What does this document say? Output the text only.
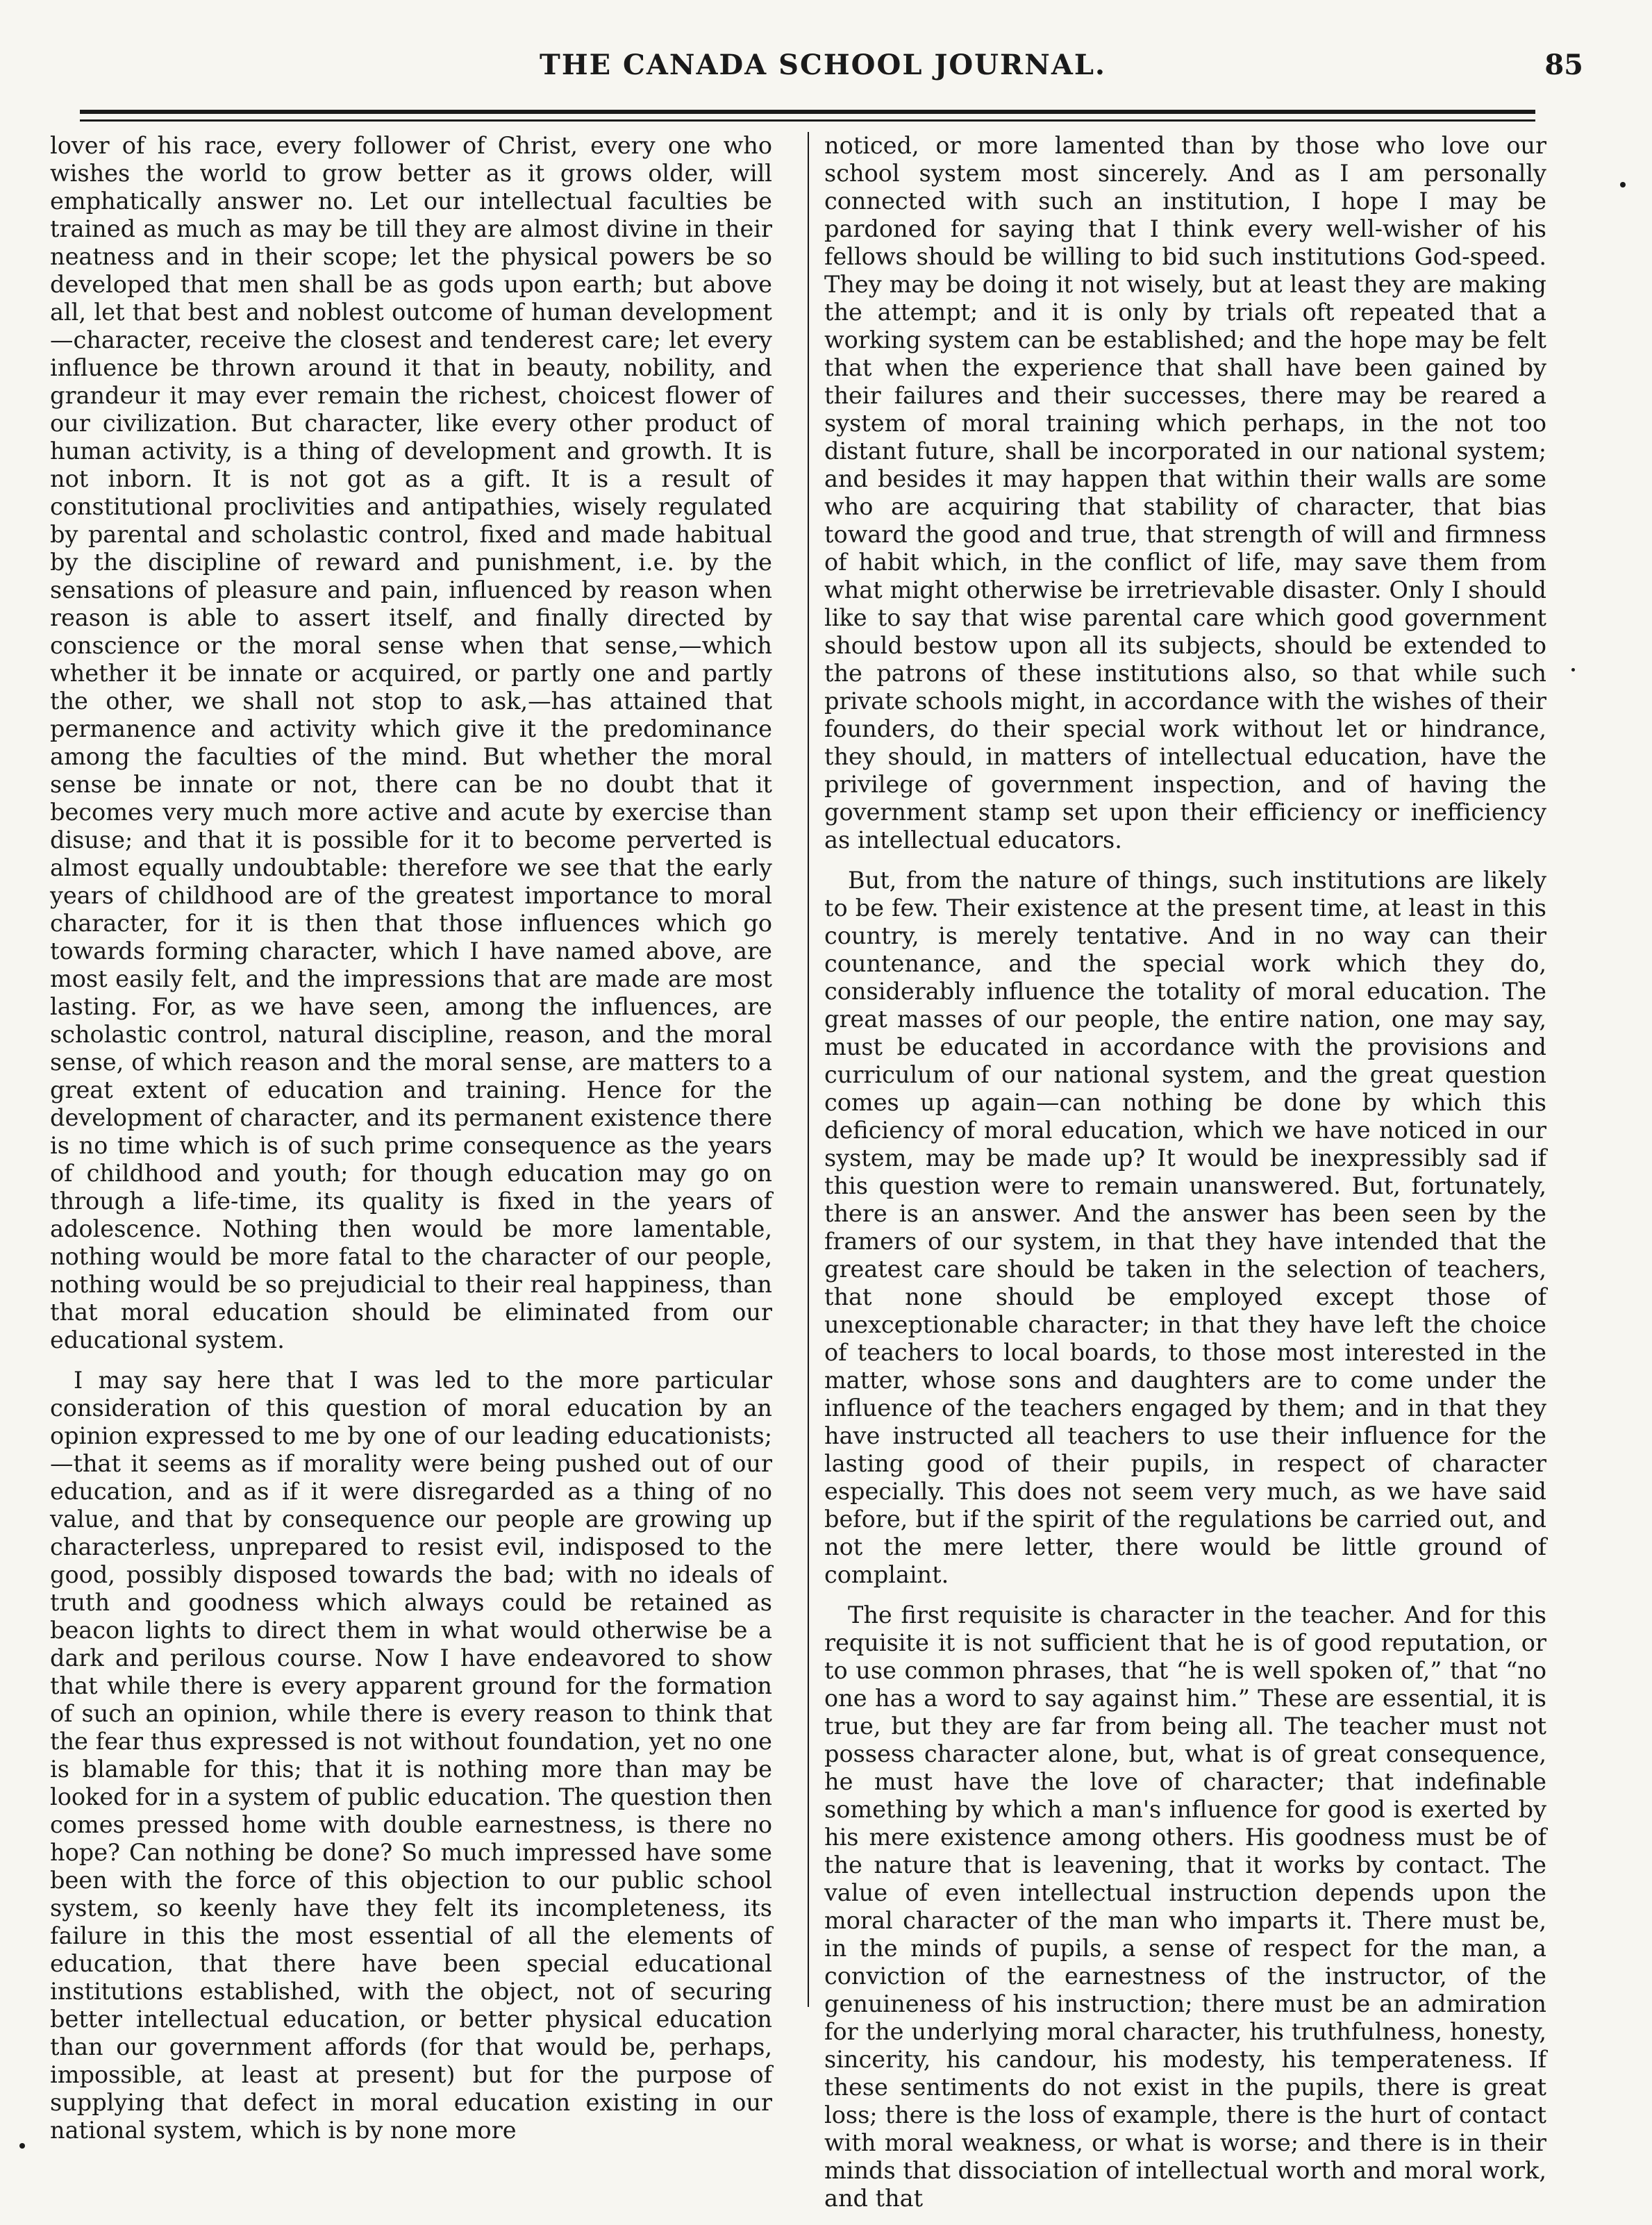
THE CANADA SCHOOL JOURNAL.	85

lover of his race, every follower of Christ, every one who wishes the world to grow better as it grows older, will emphatically answer no. Let our intellectual faculties be trained as much as may be till they are almost divine in their neatness and in their scope; let the physical powers be so developed that men shall be as gods upon earth; but above all, let that best and noblest outcome of human development—character, receive the closest and tenderest care; let every influence be thrown around it that in beauty, nobility, and grandeur it may ever remain the richest, choicest flower of our civilization. But character, like every other product of human activity, is a thing of development and growth. It is not inborn. It is not got as a gift. It is a result of constitutional proclivities and antipathies, wisely regulated by parental and scholastic control, fixed and made habitual by the discipline of reward and punishment, i.e. by the sensations of pleasure and pain, influenced by reason when reason is able to assert itself, and finally directed by conscience or the moral sense when that sense,—which whether it be innate or acquired, or partly one and partly the other, we shall not stop to ask,—has attained that permanence and activity which give it the predominance among the faculties of the mind. But whether the moral sense be innate or not, there can be no doubt that it becomes very much more active and acute by exercise than disuse; and that it is possible for it to become perverted is almost equally undoubtable: therefore we see that the early years of childhood are of the greatest importance to moral character, for it is then that those influences which go towards forming character, which I have named above, are most easily felt, and the impressions that are made are most lasting. For, as we have seen, among the influences, are scholastic control, natural discipline, reason, and the moral sense, of which reason and the moral sense, are matters to a great extent of education and training. Hence for the development of character, and its permanent existence there is no time which is of such prime consequence as the years of childhood and youth; for though education may go on through a life-time, its quality is fixed in the years of adolescence. Nothing then would be more lamentable, nothing would be more fatal to the character of our people, nothing would be so prejudicial to their real happiness, than that moral education should be eliminated from our educational system.

I may say here that I was led to the more particular consideration of this question of moral education by an opinion expressed to me by one of our leading educationists;—that it seems as if morality were being pushed out of our education, and as if it were disregarded as a thing of no value, and that by consequence our people are growing up characterless, unprepared to resist evil, indisposed to the good, possibly disposed towards the bad; with no ideals of truth and goodness which always could be retained as beacon lights to direct them in what would otherwise be a dark and perilous course. Now I have endeavored to show that while there is every apparent ground for the formation of such an opinion, while there is every reason to think that the fear thus expressed is not without foundation, yet no one is blamable for this; that it is nothing more than may be looked for in a system of public education. The question then comes pressed home with double earnestness, is there no hope? Can nothing be done? So much impressed have some been with the force of this objection to our public school system, so keenly have they felt its incompleteness, its failure in this the most essential of all the elements of education, that there have been special educational institutions established, with the object, not of securing better intellectual education, or better physical education than our government affords (for that would be, perhaps, impossible, at least at present) but for the purpose of supplying that defect in moral education existing in our national system, which is by none more

noticed, or more lamented than by those who love our school system most sincerely. And as I am personally connected with such an institution, I hope I may be pardoned for saying that I think every well-wisher of his fellows should be willing to bid such institutions God-speed. They may be doing it not wisely, but at least they are making the attempt; and it is only by trials oft repeated that a working system can be established; and the hope may be felt that when the experience that shall have been gained by their failures and their successes, there may be reared a system of moral training which perhaps, in the not too distant future, shall be incorporated in our national system; and besides it may happen that within their walls are some who are acquiring that stability of character, that bias toward the good and true, that strength of will and firmness of habit which, in the conflict of life, may save them from what might otherwise be irretrievable disaster. Only I should like to say that wise parental care which good government should bestow upon all its subjects, should be extended to the patrons of these institutions also, so that while such private schools might, in accordance with the wishes of their founders, do their special work without let or hindrance, they should, in matters of intellectual education, have the privilege of government inspection, and of having the government stamp set upon their efficiency or inefficiency as intellectual educators.

But, from the nature of things, such institutions are likely to be few. Their existence at the present time, at least in this country, is merely tentative. And in no way can their countenance, and the special work which they do, considerably influence the totality of moral education. The great masses of our people, the entire nation, one may say, must be educated in accordance with the provisions and curriculum of our national system, and the great question comes up again—can nothing be done by which this deficiency of moral education, which we have noticed in our system, may be made up? It would be inexpressibly sad if this question were to remain unanswered. But, fortunately, there is an answer. And the answer has been seen by the framers of our system, in that they have intended that the greatest care should be taken in the selection of teachers, that none should be employed except those of unexceptionable character; in that they have left the choice of teachers to local boards, to those most interested in the matter, whose sons and daughters are to come under the influence of the teachers engaged by them; and in that they have instructed all teachers to use their influence for the lasting good of their pupils, in respect of character especially. This does not seem very much, as we have said before, but if the spirit of the regulations be carried out, and not the mere letter, there would be little ground of complaint.

The first requisite is character in the teacher. And for this requisite it is not sufficient that he is of good reputation, or to use common phrases, that “he is well spoken of,” that “no one has a word to say against him.” These are essential, it is true, but they are far from being all. The teacher must not possess character alone, but, what is of great consequence, he must have the love of character; that indefinable something by which a man's influence for good is exerted by his mere existence among others. His goodness must be of the nature that is leavening, that it works by contact. The value of even intellectual instruction depends upon the moral character of the man who imparts it. There must be, in the minds of pupils, a sense of respect for the man, a conviction of the earnestness of the instructor, of the genuineness of his instruction; there must be an admiration for the underlying moral character, his truthfulness, honesty, sincerity, his candour, his modesty, his temperateness. If these sentiments do not exist in the pupils, there is great loss; there is the loss of example, there is the hurt of contact with moral weakness, or what is worse; and there is in their minds that dissociation of intellectual worth and moral work, and that
